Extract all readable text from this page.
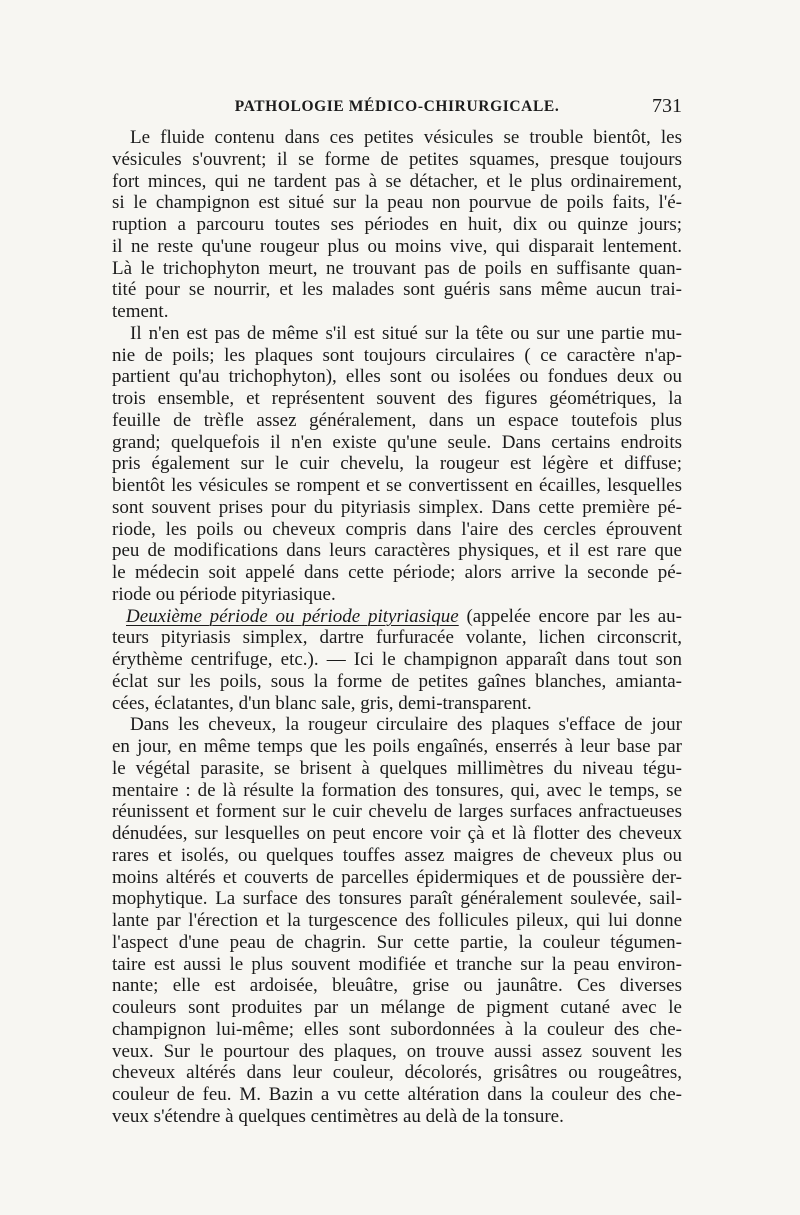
PATHOLOGIE MÉDICO-CHIRURGICALE.	731
Le fluide contenu dans ces petites vésicules se trouble bientôt, les
vésicules s'ouvrent; il se forme de petites squames, presque toujours
fort minces, qui ne tardent pas à se détacher, et le plus ordinairement,
si le champignon est situé sur la peau non pourvue de poils faits, l'é-
ruption a parcouru toutes ses périodes en huit, dix ou quinze jours;
il ne reste qu'une rougeur plus ou moins vive, qui disparait lentement.
Là le trichophyton meurt, ne trouvant pas de poils en suffisante quan-
tité pour se nourrir, et les malades sont guéris sans même aucun trai-
tement.
Il n'en est pas de même s'il est situé sur la tête ou sur une partie mu-
nie de poils; les plaques sont toujours circulaires ( ce caractère n'ap-
partient qu'au trichophyton), elles sont ou isolées ou fondues deux ou
trois ensemble, et représentent souvent des figures géométriques, la
feuille de trèfle assez généralement, dans un espace toutefois plus
grand; quelquefois il n'en existe qu'une seule. Dans certains endroits
pris également sur le cuir chevelu, la rougeur est légère et diffuse;
bientôt les vésicules se rompent et se convertissent en écailles, lesquelles
sont souvent prises pour du pityriasis simplex. Dans cette première pé-
riode, les poils ou cheveux compris dans l'aire des cercles éprouvent
peu de modifications dans leurs caractères physiques, et il est rare que
le médecin soit appelé dans cette période; alors arrive la seconde pé-
riode ou période pityriasique.
Deuxième période ou période pityriasique (appelée encore par les au-
teurs pityriasis simplex, dartre furfuracée volante, lichen circonscrit,
érythème centrifuge, etc.). — Ici le champignon apparaît dans tout son
éclat sur les poils, sous la forme de petites gaînes blanches, amianta-
cées, éclatantes, d'un blanc sale, gris, demi-transparent.
Dans les cheveux, la rougeur circulaire des plaques s'efface de jour
en jour, en même temps que les poils engaînés, enserrés à leur base par
le végétal parasite, se brisent à quelques millimètres du niveau tégu-
mentaire : de là résulte la formation des tonsures, qui, avec le temps, se
réunissent et forment sur le cuir chevelu de larges surfaces anfractueuses
dénudées, sur lesquelles on peut encore voir çà et là flotter des cheveux
rares et isolés, ou quelques touffes assez maigres de cheveux plus ou
moins altérés et couverts de parcelles épidermiques et de poussière der-
mophytique. La surface des tonsures paraît généralement soulevée, sail-
lante par l'érection et la turgescence des follicules pileux, qui lui donne
l'aspect d'une peau de chagrin. Sur cette partie, la couleur tégumen-
taire est aussi le plus souvent modifiée et tranche sur la peau environ-
nante; elle est ardoisée, bleuâtre, grise ou jaunâtre. Ces diverses
couleurs sont produites par un mélange de pigment cutané avec le
champignon lui-même; elles sont subordonnées à la couleur des che-
veux. Sur le pourtour des plaques, on trouve aussi assez souvent les
cheveux altérés dans leur couleur, décolorés, grisâtres ou rougeâtres,
couleur de feu. M. Bazin a vu cette altération dans la couleur des che-
veux s'étendre à quelques centimètres au delà de la tonsure.
